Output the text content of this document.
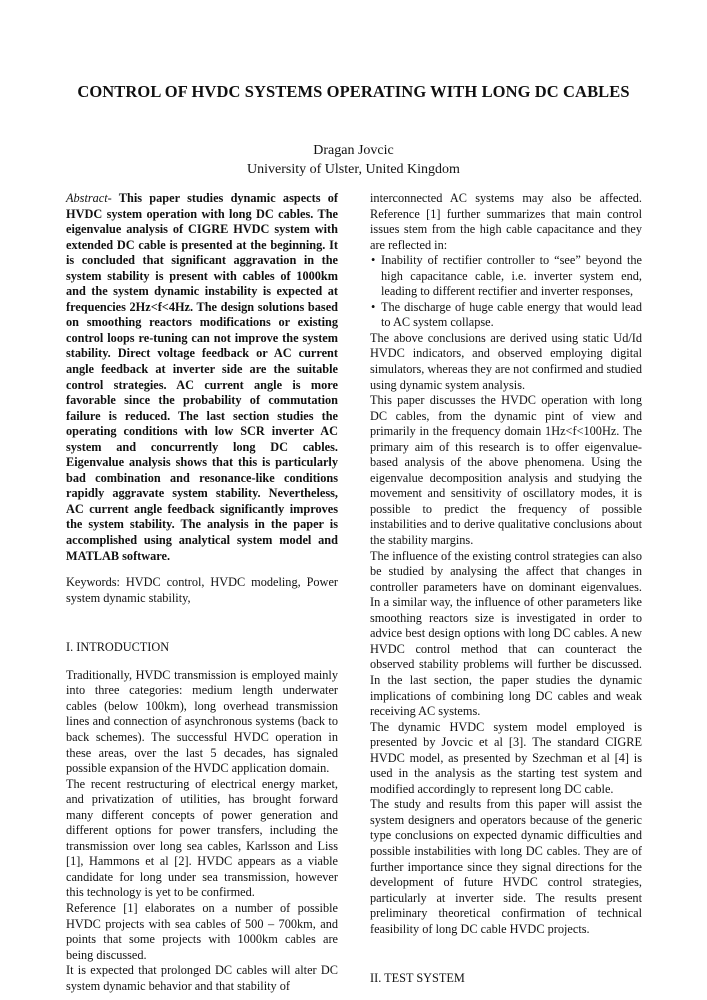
CONTROL OF HVDC SYSTEMS OPERATING WITH LONG DC CABLES
Dragan Jovcic
University of Ulster, United Kingdom

Abstract- This paper studies dynamic aspects of HVDC system operation with long DC cables. The eigenvalue analysis of CIGRE HVDC system with extended DC cable is presented at the beginning. It is concluded that significant aggravation in the system stability is present with cables of 1000km and the system dynamic instability is expected at frequencies 2Hz<f<4Hz. The design solutions based on smoothing reactors modifications or existing control loops re-tuning can not improve the system stability. Direct voltage feedback or AC current angle feedback at inverter side are the suitable control strategies. AC current angle is more favorable since the probability of commutation failure is reduced. The last section studies the operating conditions with low SCR inverter AC system and concurrently long DC cables. Eigenvalue analysis shows that this is particularly bad combination and resonance-like conditions rapidly aggravate system stability. Nevertheless, AC current angle feedback significantly improves the system stability. The analysis in the paper is accomplished using analytical system model and MATLAB software.

Keywords: HVDC control, HVDC modeling, Power system dynamic stability,

I. INTRODUCTION

Traditionally, HVDC transmission is employed mainly into three categories: medium length underwater cables (below 100km), long overhead transmission lines and connection of asynchronous systems (back to back schemes). The successful HVDC operation in these areas, over the last 5 decades, has signaled possible expansion of the HVDC application domain.

The recent restructuring of electrical energy market, and privatization of utilities, has brought forward many different concepts of power generation and different options for power transfers, including the transmission over long sea cables, Karlsson and Liss [1], Hammons et al [2]. HVDC appears as a viable candidate for long under sea transmission, however this technology is yet to be confirmed.

Reference [1] elaborates on a number of possible HVDC projects with sea cables of 500 – 700km, and points that some projects with 1000km cables are being discussed.

It is expected that prolonged DC cables will alter DC system dynamic behavior and that stability of

interconnected AC systems may also be affected. Reference [1] further summarizes that main control issues stem from the high cable capacitance and they are reflected in:

• Inability of rectifier controller to “see” beyond the high capacitance cable, i.e. inverter system end, leading to different rectifier and inverter responses,
• The discharge of huge cable energy that would lead to AC system collapse.

The above conclusions are derived using static Ud/Id HVDC indicators, and observed employing digital simulators, whereas they are not confirmed and studied using dynamic system analysis.

This paper discusses the HVDC operation with long DC cables, from the dynamic pint of view and primarily in the frequency domain 1Hz<f<100Hz. The primary aim of this research is to offer eigenvalue-based analysis of the above phenomena. Using the eigenvalue decomposition analysis and studying the movement and sensitivity of oscillatory modes, it is possible to predict the frequency of possible instabilities and to derive qualitative conclusions about the stability margins.

The influence of the existing control strategies can also be studied by analysing the affect that changes in controller parameters have on dominant eigenvalues. In a similar way, the influence of other parameters like smoothing reactors size is investigated in order to advice best design options with long DC cables. A new HVDC control method that can counteract the observed stability problems will further be discussed. In the last section, the paper studies the dynamic implications of combining long DC cables and weak receiving AC systems.

The dynamic HVDC system model employed is presented by Jovcic et al [3]. The standard CIGRE HVDC model, as presented by Szechman et al [4] is used in the analysis as the starting test system and modified accordingly to represent long DC cable.

The study and results from this paper will assist the system designers and operators because of the generic type conclusions on expected dynamic difficulties and possible instabilities with long DC cables. They are of further importance since they signal directions for the development of future HVDC control strategies, particularly at inverter side. The results present preliminary theoretical confirmation of technical feasibility of long DC cable HVDC projects.

II. TEST SYSTEM
